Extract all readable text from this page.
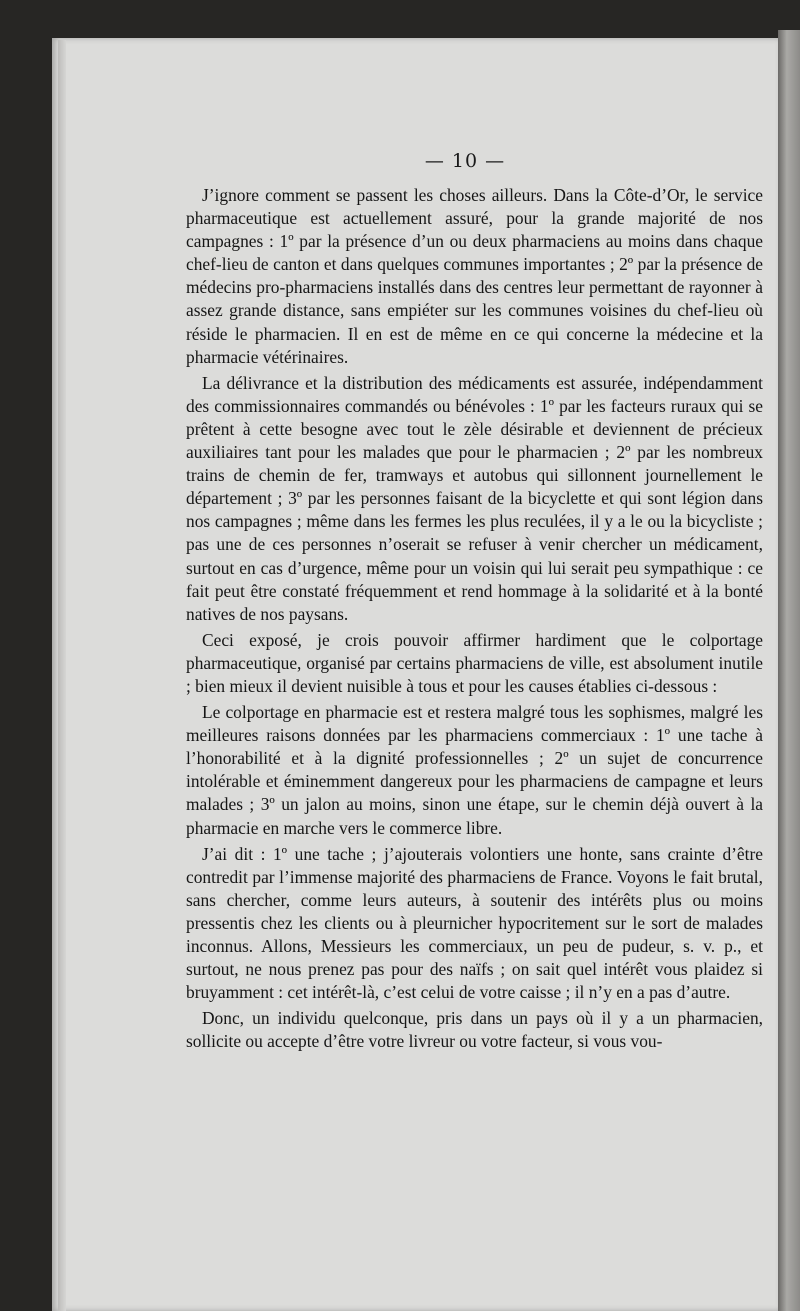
— 10 —

J’ignore comment se passent les choses ailleurs. Dans la Côte-d’Or, le service pharmaceutique est actuellement assuré, pour la grande majorité de nos campagnes : 1º par la présence d’un ou deux pharmaciens au moins dans chaque chef-lieu de canton et dans quelques communes importantes ; 2º par la présence de médecins pro-pharmaciens installés dans des centres leur permettant de rayonner à assez grande distance, sans empiéter sur les communes voisines du chef-lieu où réside le pharmacien. Il en est de même en ce qui concerne la médecine et la pharmacie vétérinaires.

La délivrance et la distribution des médicaments est assurée, indépendamment des commissionnaires commandés ou bénévoles : 1º par les facteurs ruraux qui se prêtent à cette besogne avec tout le zèle désirable et deviennent de précieux auxiliaires tant pour les malades que pour le pharmacien ; 2º par les nombreux trains de chemin de fer, tramways et autobus qui sillonnent journellement le département ; 3º par les personnes faisant de la bicyclette et qui sont légion dans nos campagnes ; même dans les fermes les plus reculées, il y a le ou la bicycliste ; pas une de ces personnes n’oserait se refuser à venir chercher un médicament, surtout en cas d’urgence, même pour un voisin qui lui serait peu sympathique : ce fait peut être constaté fréquemment et rend hommage à la solidarité et à la bonté natives de nos paysans.

Ceci exposé, je crois pouvoir affirmer hardiment que le colportage pharmaceutique, organisé par certains pharmaciens de ville, est absolument inutile ; bien mieux il devient nuisible à tous et pour les causes établies ci-dessous :

Le colportage en pharmacie est et restera malgré tous les sophismes, malgré les meilleures raisons données par les pharmaciens commerciaux : 1º une tache à l’honorabilité et à la dignité professionnelles ; 2º un sujet de concurrence intolérable et éminemment dangereux pour les pharmaciens de campagne et leurs malades ; 3º un jalon au moins, sinon une étape, sur le chemin déjà ouvert à la pharmacie en marche vers le commerce libre.

J’ai dit : 1º une tache ; j’ajouterais volontiers une honte, sans crainte d’être contredit par l’immense majorité des pharmaciens de France. Voyons le fait brutal, sans chercher, comme leurs auteurs, à soutenir des intérêts plus ou moins pressentis chez les clients ou à pleurnicher hypocritement sur le sort de malades inconnus. Allons, Messieurs les commerciaux, un peu de pudeur, s. v. p., et surtout, ne nous prenez pas pour des naïfs ; on sait quel intérêt vous plaidez si bruyamment : cet intérêt-là, c’est celui de votre caisse ; il n’y en a pas d’autre.

Donc, un individu quelconque, pris dans un pays où il y a un pharmacien, sollicite ou accepte d’être votre livreur ou votre facteur, si vous vou-
